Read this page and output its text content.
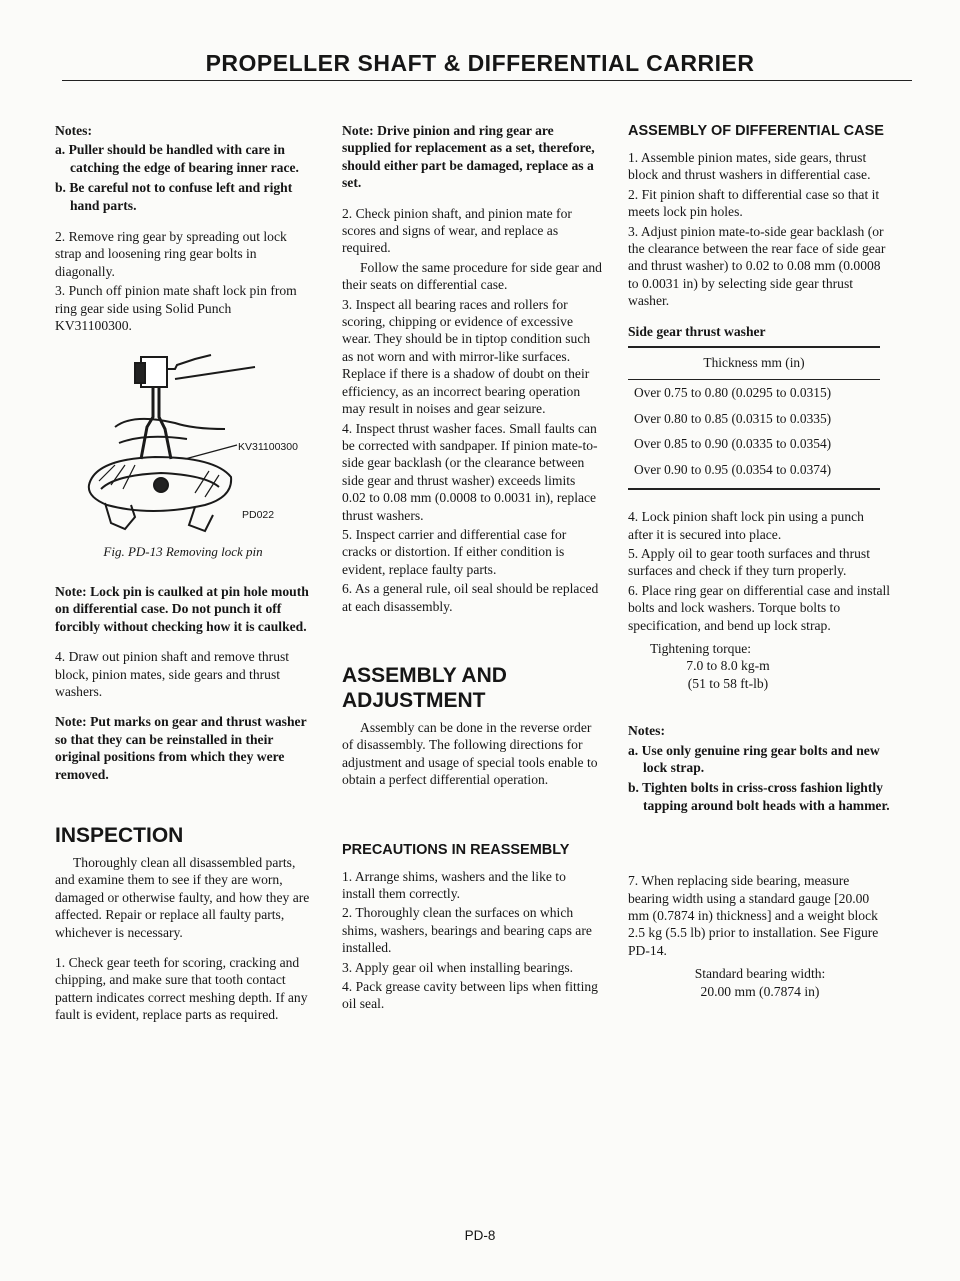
PROPELLER SHAFT & DIFFERENTIAL CARRIER

Notes:

a. Puller should be handled with care in catching the edge of bearing inner race.

b. Be careful not to confuse left and right hand parts.

2. Remove ring gear by spreading out lock strap and loosening ring gear bolts in diagonally.

3. Punch off pinion mate shaft lock pin from ring gear side using Solid Punch KV31100300.

KV31100300
PD022

Fig. PD-13 Removing lock pin

Note: Lock pin is caulked at pin hole mouth on differential case. Do not punch it off forcibly without checking how it is caulked.

4. Draw out pinion shaft and remove thrust block, pinion mates, side gears and thrust washers.

Note: Put marks on gear and thrust washer so that they can be reinstalled in their original positions from which they were removed.

INSPECTION

Thoroughly clean all disassembled parts, and examine them to see if they are worn, damaged or otherwise faulty, and how they are affected. Repair or replace all faulty parts, whichever is necessary.

1. Check gear teeth for scoring, cracking and chipping, and make sure that tooth contact pattern indicates correct meshing depth. If any fault is evident, replace parts as required.

Note: Drive pinion and ring gear are supplied for replacement as a set, therefore, should either part be damaged, replace as a set.

2. Check pinion shaft, and pinion mate for scores and signs of wear, and replace as required.

Follow the same procedure for side gear and their seats on differential case.

3. Inspect all bearing races and rollers for scoring, chipping or evidence of excessive wear. They should be in tiptop condition such as not worn and with mirror-like surfaces. Replace if there is a shadow of doubt on their efficiency, as an incorrect bearing operation may result in noises and gear seizure.

4. Inspect thrust washer faces. Small faults can be corrected with sandpaper. If pinion mate-to-side gear backlash (or the clearance between side gear and thrust washer) exceeds limits 0.02 to 0.08 mm (0.0008 to 0.0031 in), replace thrust washers.

5. Inspect carrier and differential case for cracks or distortion. If either condition is evident, replace faulty parts.

6. As a general rule, oil seal should be replaced at each disassembly.

ASSEMBLY AND ADJUSTMENT

Assembly can be done in the reverse order of disassembly. The following directions for adjustment and usage of special tools enable to obtain a perfect differential operation.

PRECAUTIONS IN REASSEMBLY

1. Arrange shims, washers and the like to install them correctly.

2. Thoroughly clean the surfaces on which shims, washers, bearings and bearing caps are installed.

3. Apply gear oil when installing bearings.

4. Pack grease cavity between lips when fitting oil seal.

ASSEMBLY OF DIFFERENTIAL CASE

1. Assemble pinion mates, side gears, thrust block and thrust washers in differential case.

2. Fit pinion shaft to differential case so that it meets lock pin holes.

3. Adjust pinion mate-to-side gear backlash (or the clearance between the rear face of side gear and thrust washer) to 0.02 to 0.08 mm (0.0008 to 0.0031 in) by selecting side gear thrust washer.

Side gear thrust washer

Thickness mm (in)
Over 0.75 to 0.80 (0.0295 to 0.0315)
Over 0.80 to 0.85 (0.0315 to 0.0335)
Over 0.85 to 0.90 (0.0335 to 0.0354)
Over 0.90 to 0.95 (0.0354 to 0.0374)

4. Lock pinion shaft lock pin using a punch after it is secured into place.

5. Apply oil to gear tooth surfaces and thrust surfaces and check if they turn properly.

6. Place ring gear on differential case and install bolts and lock washers. Torque bolts to specification, and bend up lock strap.

Tightening torque:

7.0 to 8.0 kg-m

(51 to 58 ft-lb)

Notes:

a. Use only genuine ring gear bolts and new lock strap.

b. Tighten bolts in criss-cross fashion lightly tapping around bolt heads with a hammer.

7. When replacing side bearing, measure bearing width using a standard gauge [20.00 mm (0.7874 in) thickness] and a weight block 2.5 kg (5.5 lb) prior to installation. See Figure PD-14.

Standard bearing width:

20.00 mm (0.7874 in)

PD-8
